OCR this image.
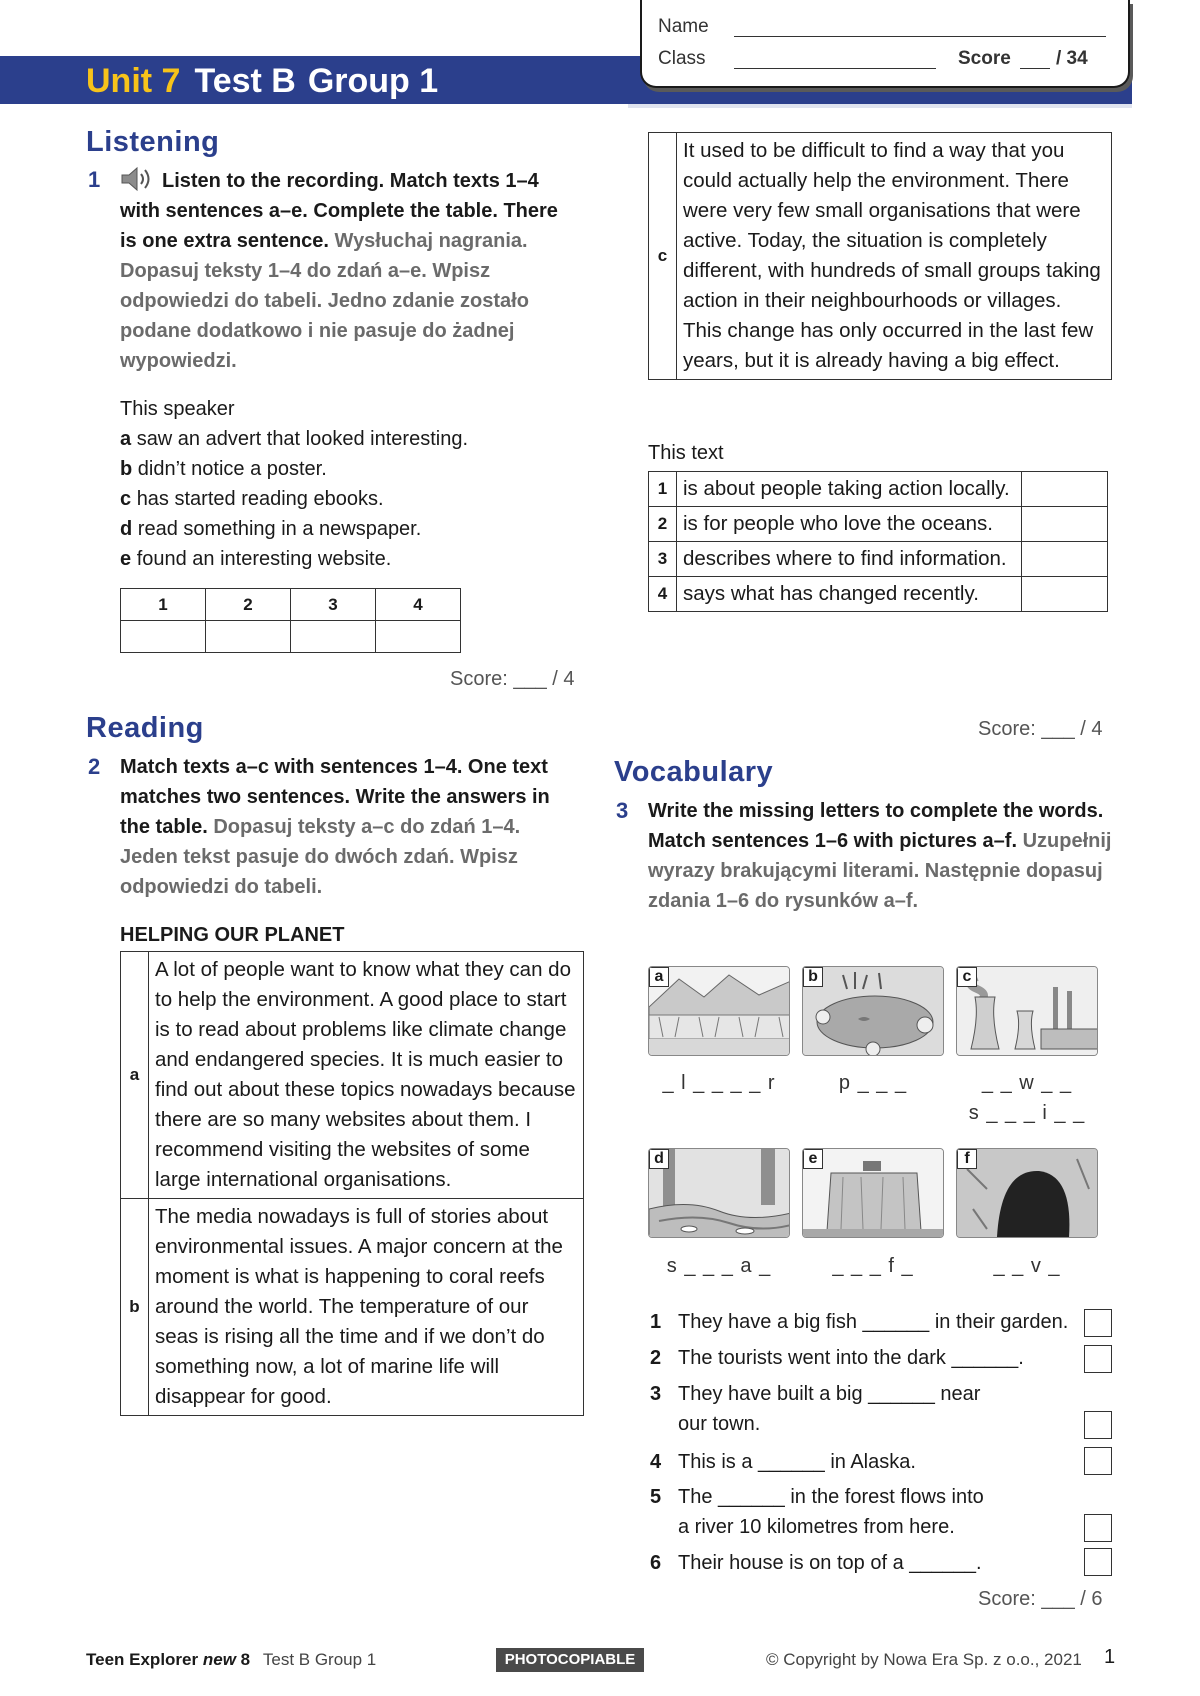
Unit 7 Test B Group 1
Name
Class	Score / 34
Listening
1	Listen to the recording. Match texts 1–4 with sentences a–e. Complete the table. There is one extra sentence. Wysłuchaj nagrania. Dopasuj teksty 1–4 do zdań a–e. Wpisz odpowiedzi do tabeli. Jedno zdanie zostało podane dodatkowo i nie pasuje do żadnej wypowiedzi.
This speaker
a saw an advert that looked interesting.
b didn’t notice a poster.
c has started reading ebooks.
d read something in a newspaper.
e found an interesting website.
1	2	3	4

Score: ___ / 4
Reading
2 Match texts a–c with sentences 1–4. One text matches two sentences. Write the answers in the table. Dopasuj teksty a–c do zdań 1–4. Jeden tekst pasuje do dwóch zdań. Wpisz odpowiedzi do tabeli.
HELPING OUR PLANET
a	A lot of people want to know what they can do to help the environment. A good place to start is to read about problems like climate change and endangered species. It is much easier to find out about these topics nowadays because there are so many websites about them. I recommend visiting the websites of some large international organisations.
b	The media nowadays is full of stories about environmental issues. A major concern at the moment is what is happening to coral reefs around the world. The temperature of our seas is rising all the time and if we don’t do something now, a lot of marine life will disappear for good.
c	It used to be difficult to find a way that you could actually help the environment. There were very few small organisations that were active. Today, the situation is completely different, with hundreds of small groups taking action in their neighbourhoods or villages. This change has only occurred in the last few years, but it is already having a big effect.
This text
1	is about people taking action locally.	
2	is for people who love the oceans.	
3	describes where to find information.	
4	says what has changed recently.	
Score: ___ / 4
Vocabulary
3 Write the missing letters to complete the words. Match sentences 1–6 with pictures a–f. Uzupełnij wyrazy brakującymi literami. Następnie dopasuj zdania 1–6 do rysunków a–f.
a	b	c
_ l _ _ _ _ r	p _ _ _	_ _ w _ _
s _ _ _ i _ _
d	e	f
s _ _ _ a _	_ _ _ f _	_ _ v _
1 They have a big fish ______ in their garden.
2 The tourists went into the dark ______.
3 They have built a big ______ near
our town.
4 This is a ______ in Alaska.
5 The ______ in the forest flows into
a river 10 kilometres from here.
6 Their house is on top of a ______.
Score: ___ / 6
Teen Explorer new 8 Test B Group 1	PHOTOCOPIABLE	© Copyright by Nowa Era Sp. z o.o., 2021 1
